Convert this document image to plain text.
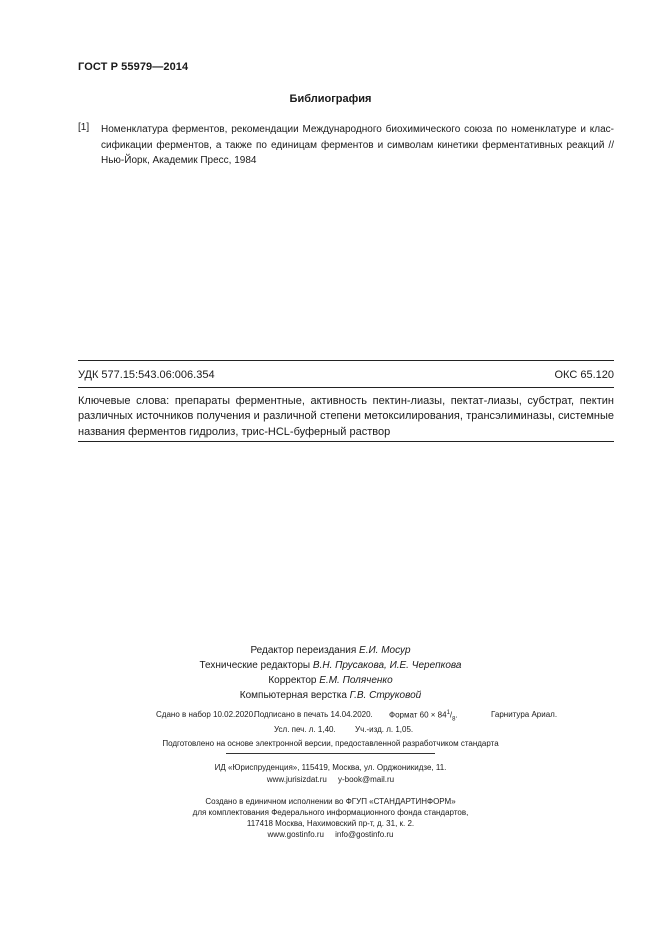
ГОСТ Р 55979—2014
Библиография
[1] Номенклатура ферментов, рекомендации Международного биохимического союза по номенклатуре и клас-сификации ферментов, а также по единицам ферментов и символам кинетики ферментативных реакций // Нью-Йорк, Академик Пресс, 1984
УДК 577.15:543.06:006.354	ОКС 65.120
Ключевые слова: препараты ферментные, активность пектин-лиазы, пектат-лиазы, субстрат, пектин различных источников получения и различной степени метоксилирования, трансэлиминазы, системные названия ферментов гидролиз, трис-HCL-буферный раствор
Редактор переиздания Е.И. Мосур
Технические редакторы В.Н. Прусакова, И.Е. Черепкова
Корректор Е.М. Поляченко
Компьютерная верстка Г.В. Струковой
Сдано в набор 10.02.2020.
Подписано в печать 14.04.2020. Формат $60 \times 84^1/_8$.	Гарнитура Ариал.
Усл. печ. л. 1,40. Уч.-изд. л. 1,05.
Подготовлено на основе электронной версии, предоставленной разработчиком стандарта
ИД «Юриспруденция», 115419, Москва, ул. Орджоникидзе, 11.
www.jurisizdat.ru     y-book@mail.ru
Создано в единичном исполнении во ФГУП «СТАНДАРТИНФОРМ»
для комплектования Федерального информационного фонда стандартов,
117418 Москва, Нахимовский пр-т, д. 31, к. 2.
www.gostinfo.ru     info@gostinfo.ru
